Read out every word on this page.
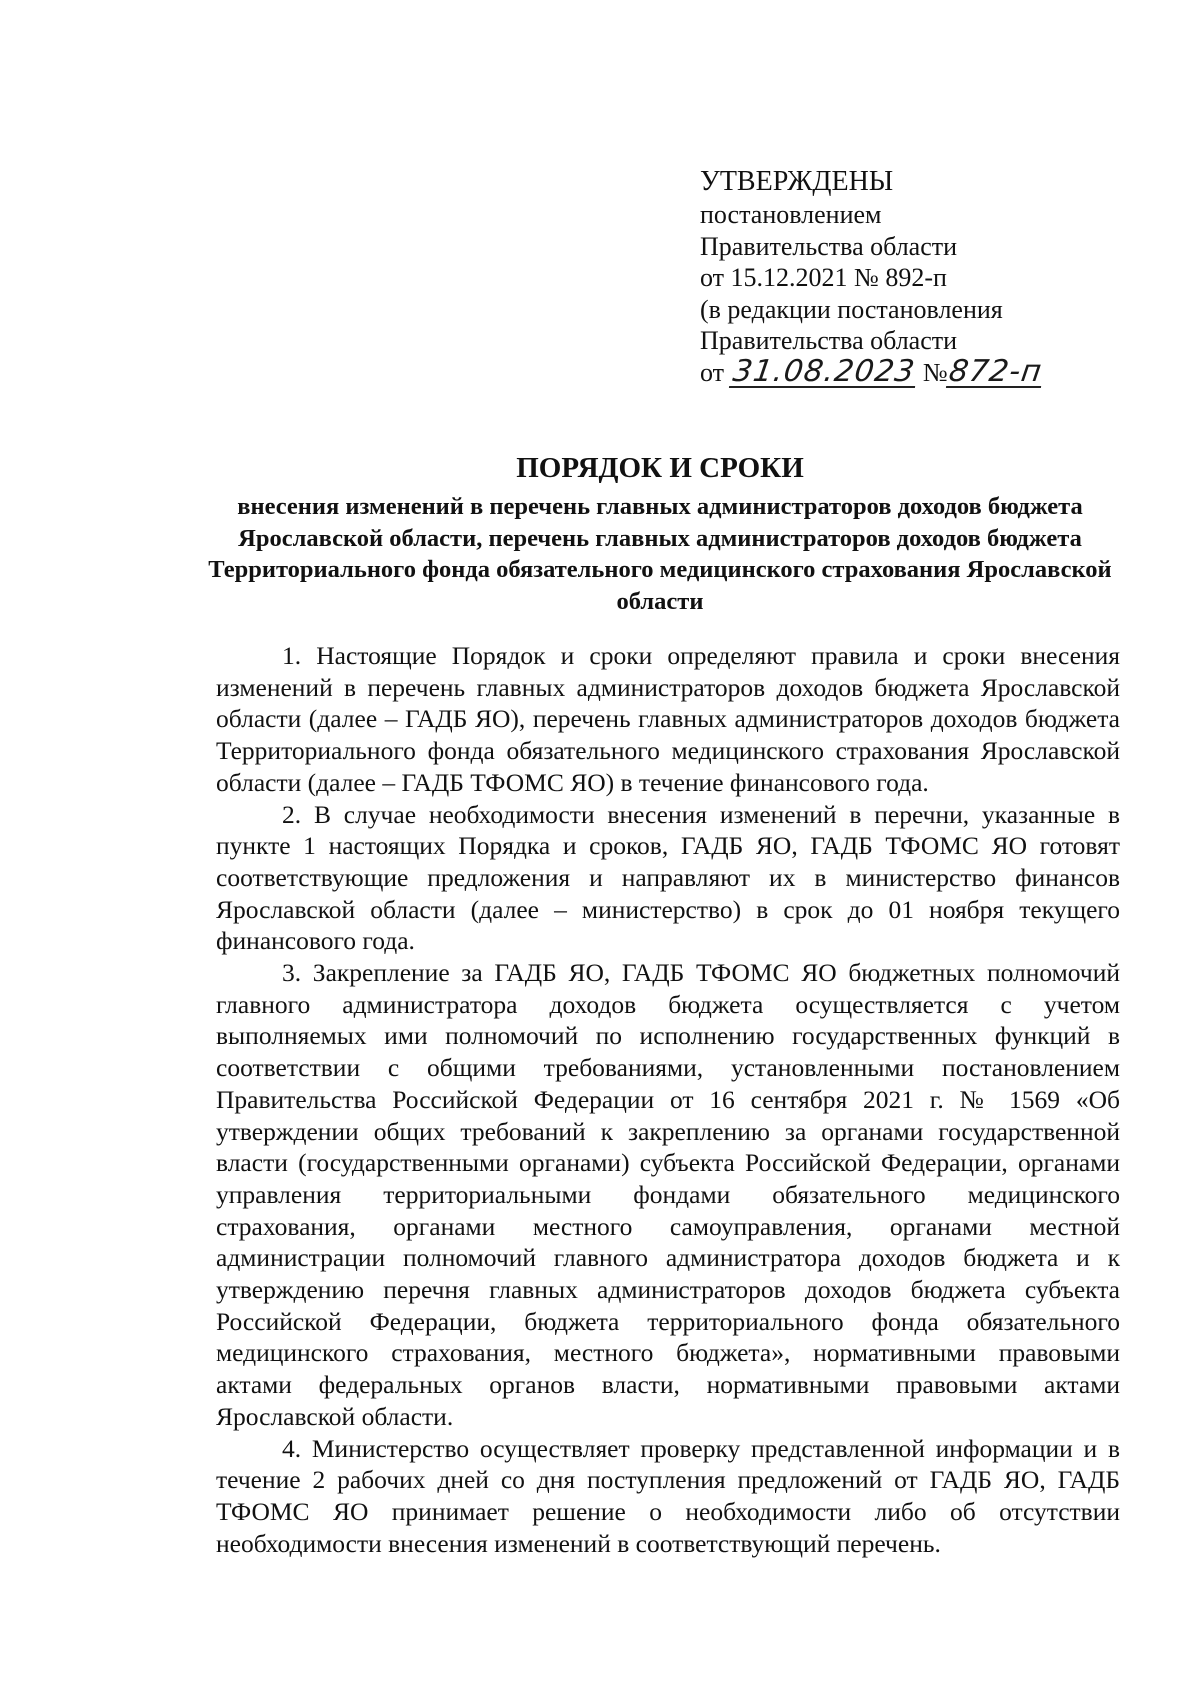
УТВЕРЖДЕНЫ
постановлением
Правительства области
от 15.12.2021 № 892-п
(в редакции постановления
Правительства области
от 31.08.2023 №872-п
ПОРЯДОК И СРОКИ
внесения изменений в перечень главных администраторов доходов бюджета Ярославской области, перечень главных администраторов доходов бюджета Территориального фонда обязательного медицинского страхования Ярославской области

1. Настоящие Порядок и сроки определяют правила и сроки внесения изменений в перечень главных администраторов доходов бюджета Ярославской области (далее – ГАДБ ЯО), перечень главных администраторов доходов бюджета Территориального фонда обязательного медицинского страхования Ярославской области (далее – ГАДБ ТФОМС ЯО) в течение финансового года.

2. В случае необходимости внесения изменений в перечни, указанные в пункте 1 настоящих Порядка и сроков, ГАДБ ЯО, ГАДБ ТФОМС ЯО готовят соответствующие предложения и направляют их в министерство финансов Ярославской области (далее – министерство) в срок до 01 ноября текущего финансового года.

3. Закрепление за ГАДБ ЯО, ГАДБ ТФОМС ЯО бюджетных полномочий главного администратора доходов бюджета осуществляется с учетом выполняемых ими полномочий по исполнению государственных функций в соответствии с общими требованиями, установленными постановлением Правительства Российской Федерации от 16 сентября 2021 г. № 1569 «Об утверждении общих требований к закреплению за органами государственной власти (государственными органами) субъекта Российской Федерации, органами управления территориальными фондами обязательного медицинского страхования, органами местного самоуправления, органами местной администрации полномочий главного администратора доходов бюджета и к утверждению перечня главных администраторов доходов бюджета субъекта Российской Федерации, бюджета территориального фонда обязательного медицинского страхования, местного бюджета», нормативными правовыми актами федеральных органов власти, нормативными правовыми актами Ярославской области.

4. Министерство осуществляет проверку представленной информации и в течение 2 рабочих дней со дня поступления предложений от ГАДБ ЯО, ГАДБ ТФОМС ЯО принимает решение о необходимости либо об отсутствии необходимости внесения изменений в соответствующий перечень.
